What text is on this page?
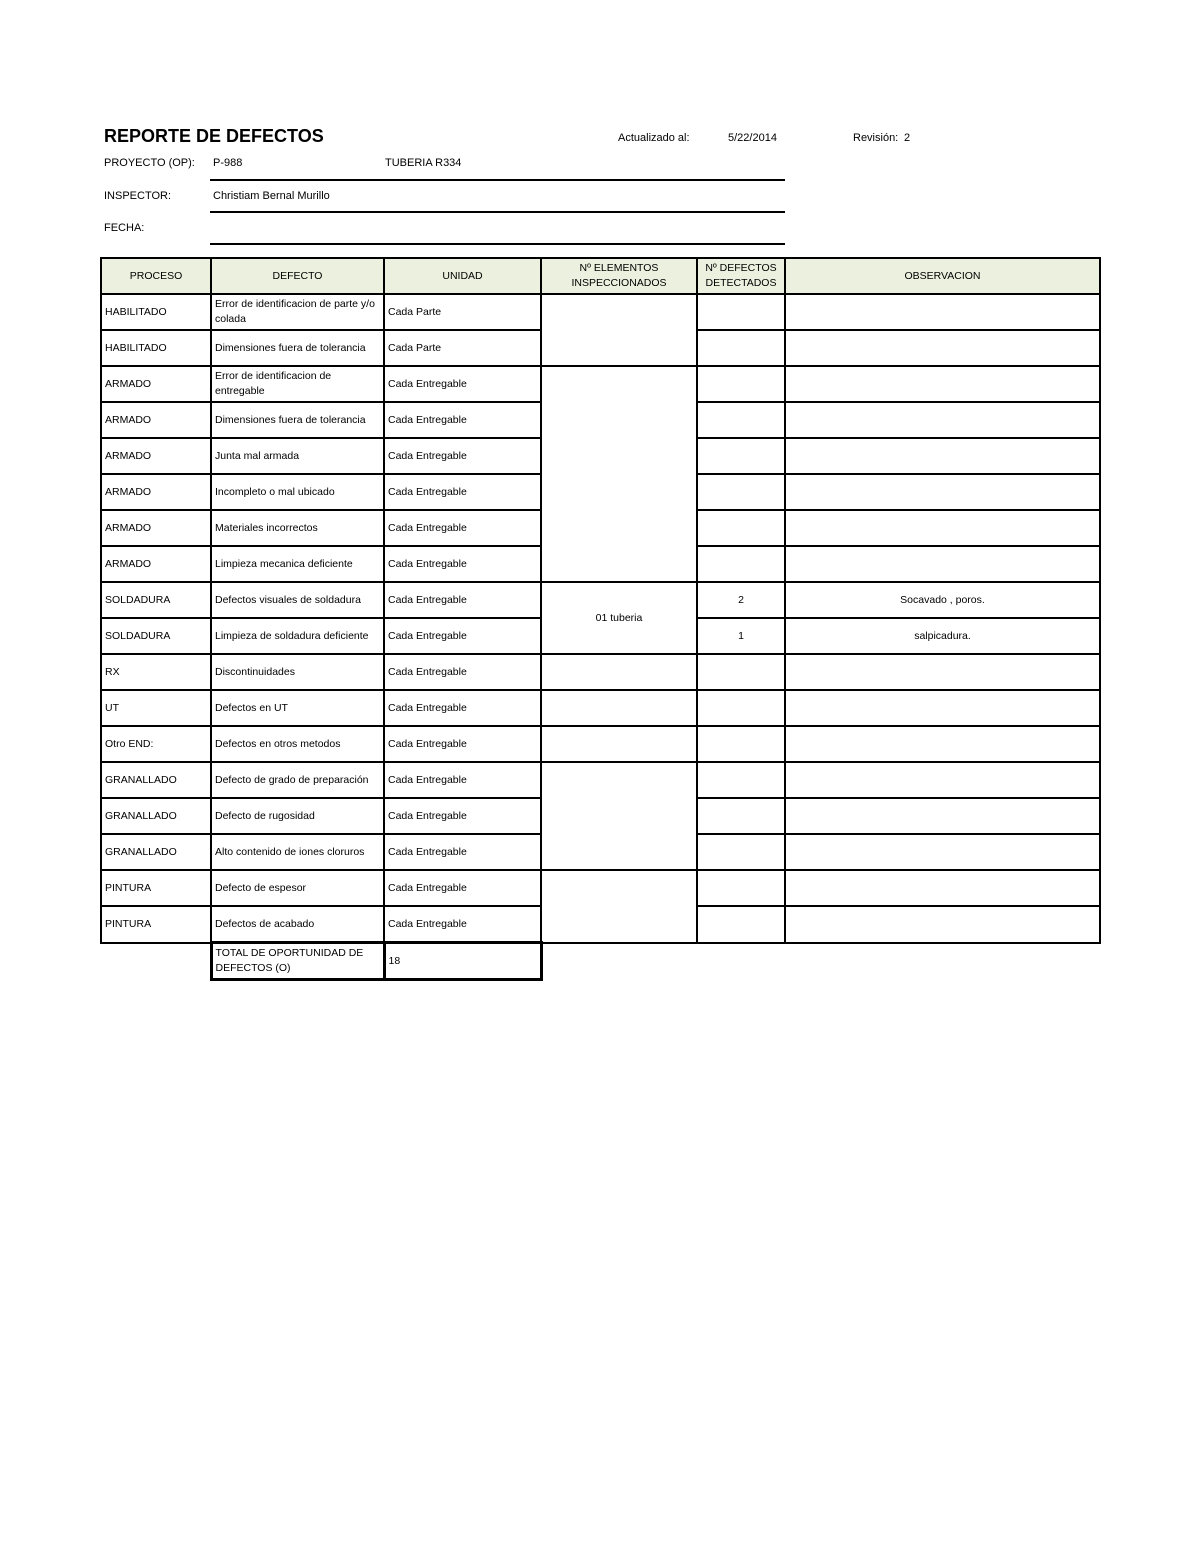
REPORTE DE DEFECTOS	Actualizado al:	5/22/2014	Revisión: 2
PROYECTO (OP): P-988	TUBERIA R334
INSPECTOR:	Christiam Bernal Murillo
FECHA:
PROCESO	DEFECTO	UNIDAD	Nº ELEMENTOS INSPECCIONADOS	Nº DEFECTOS DETECTADOS	OBSERVACION
HABILITADO	Error de identificacion de parte y/o colada	Cada Parte			
HABILITADO	Dimensiones fuera de tolerancia	Cada Parte			
ARMADO	Error de identificacion de entregable	Cada Entregable			
ARMADO	Dimensiones fuera de tolerancia	Cada Entregable			
ARMADO	Junta mal armada	Cada Entregable			
ARMADO	Incompleto o mal ubicado	Cada Entregable			
ARMADO	Materiales incorrectos	Cada Entregable			
ARMADO	Limpieza mecanica deficiente	Cada Entregable			
SOLDADURA	Defectos visuales de soldadura	Cada Entregable	01 tuberia	2	Socavado , poros.
SOLDADURA	Limpieza de soldadura deficiente	Cada Entregable		1	salpicadura.
RX	Discontinuidades	Cada Entregable			
UT	Defectos en UT	Cada Entregable			
Otro END:	Defectos en otros metodos	Cada Entregable			
GRANALLADO	Defecto de grado de preparación	Cada Entregable			
GRANALLADO	Defecto de rugosidad	Cada Entregable			
GRANALLADO	Alto contenido de iones cloruros	Cada Entregable			
PINTURA	Defecto de espesor	Cada Entregable			
PINTURA	Defectos de acabado	Cada Entregable			
	TOTAL DE OPORTUNIDAD DE DEFECTOS (O)	18			
